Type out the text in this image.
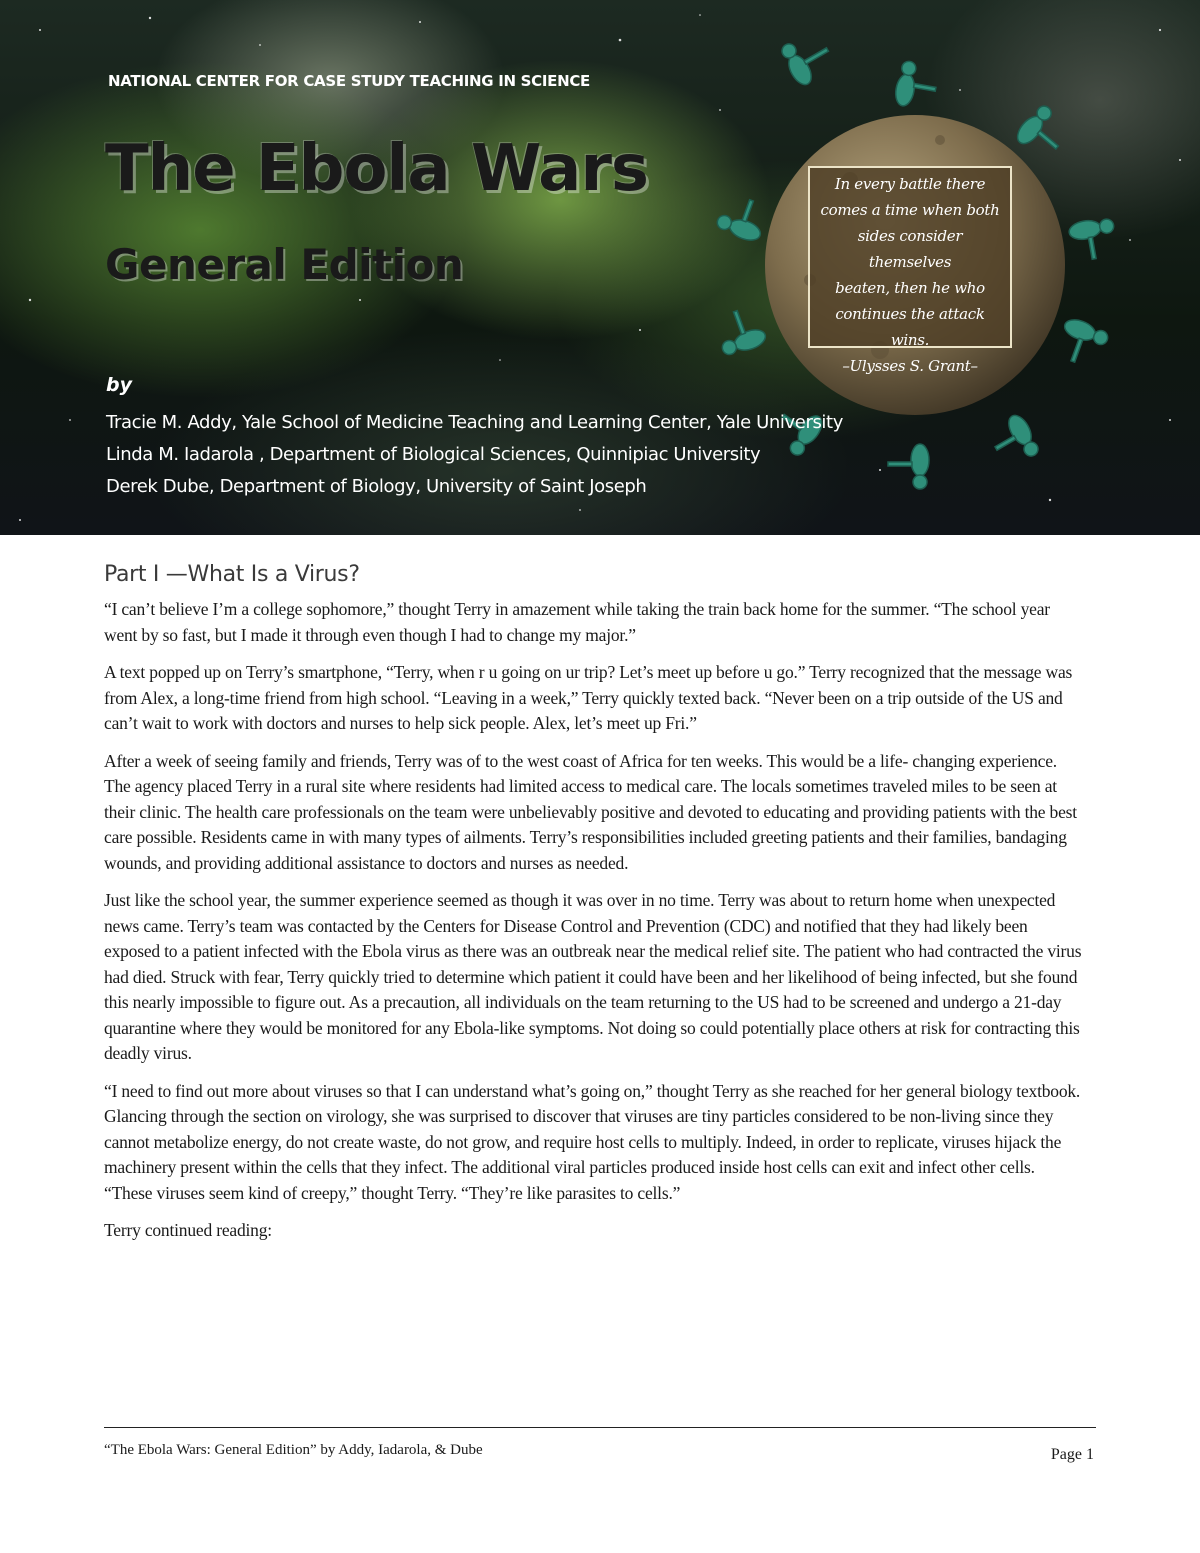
NATIONAL CENTER FOR CASE STUDY TEACHING IN SCIENCE

The Ebola Wars
General Edition

by

Tracie M. Addy, Yale School of Medicine Teaching and Learning Center, Yale University
Linda M. Iadarola , Department of Biological Sciences, Quinnipiac University
Derek Dube, Department of Biology, University of Saint Joseph

In every battle there

comes a time when both

sides consider themselves

beaten, then he who

continues the attack

wins.

–Ulysses S. Grant–

Part I —What Is a Virus?

“I can’t believe I’m a college sophomore,” thought Terry in amazement while taking the train back home for the summer. “The school year went by so fast, but I made it through even though I had to change my major.”

A text popped up on Terry’s smartphone, “Terry, when r u going on ur trip? Let’s meet up before u go.” Terry recognized that the message was from Alex, a long-time friend from high school. “Leaving in a week,” Terry quickly texted back. “Never been on a trip outside of the US and can’t wait to work with doctors and nurses to help sick people. Alex, let’s meet up Fri.”

After a week of seeing family and friends, Terry was of to the west coast of Africa for ten weeks. This would be a life- changing experience. The agency placed Terry in a rural site where residents had limited access to medical care. The locals sometimes traveled miles to be seen at their clinic. The health care professionals on the team were unbelievably positive and devoted to educating and providing patients with the best care possible. Residents came in with many types of ailments. Terry’s responsibilities included greeting patients and their families, bandaging wounds, and providing additional assistance to doctors and nurses as needed.

Just like the school year, the summer experience seemed as though it was over in no time. Terry was about to return home when unexpected news came. Terry’s team was contacted by the Centers for Disease Control and Prevention (CDC) and notified that they had likely been exposed to a patient infected with the Ebola virus as there was an outbreak near the medical relief site. The patient who had contracted the virus had died. Struck with fear, Terry quickly tried to determine which patient it could have been and her likelihood of being infected, but she found this nearly impossible to figure out. As a precaution, all individuals on the team returning to the US had to be screened and undergo a 21-day quarantine where they would be monitored for any Ebola-like symptoms. Not doing so could potentially place others at risk for contracting this deadly virus.

“I need to find out more about viruses so that I can understand what’s going on,” thought Terry as she reached for her general biology textbook. Glancing through the section on virology, she was surprised to discover that viruses are tiny particles considered to be non-living since they cannot metabolize energy, do not create waste, do not grow, and require host cells to multiply. Indeed, in order to replicate, viruses hijack the machinery present within the cells that they infect. The additional viral particles produced inside host cells can exit and infect other cells. “These viruses seem kind of creepy,” thought Terry. “They’re like parasites to cells.”

Terry continued reading:

“The Ebola Wars: General Edition” by Addy, Iadarola, & Dube	Page 1
